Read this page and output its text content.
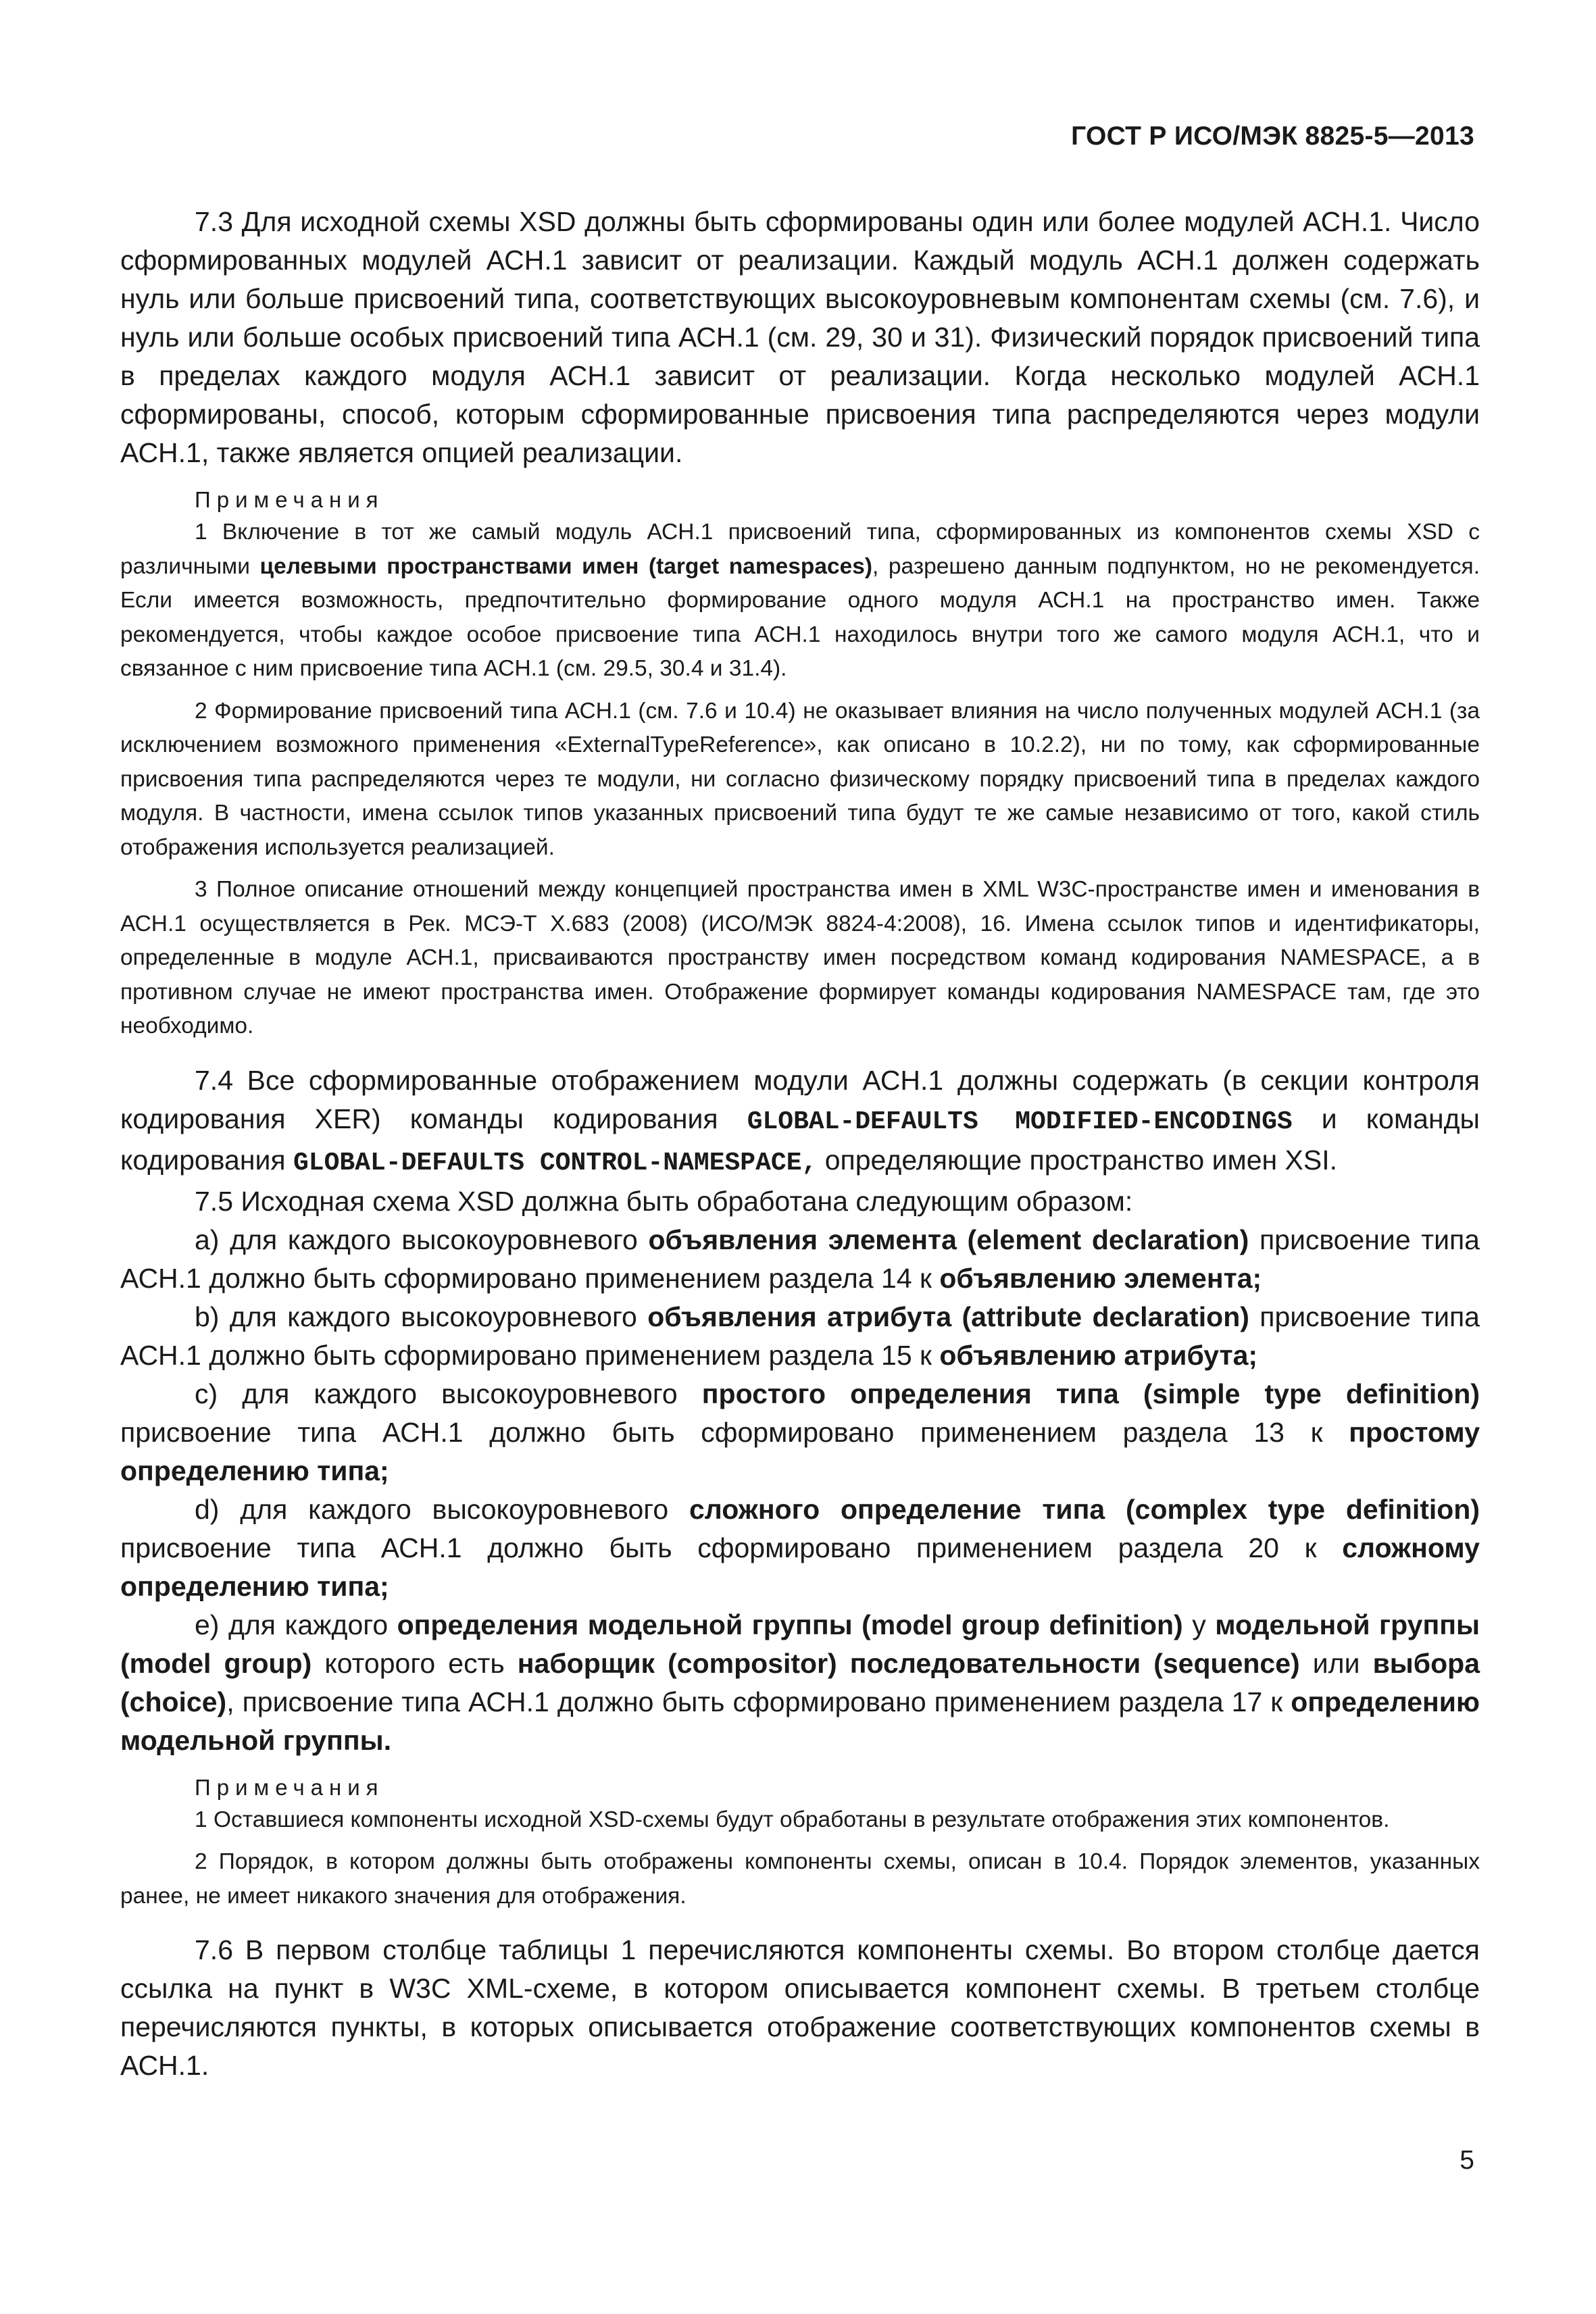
ГОСТ Р ИСО/МЭК 8825-5—2013

7.3 Для исходной схемы XSD должны быть сформированы один или более модулей АСН.1. Число сформированных модулей АСН.1 зависит от реализации. Каждый модуль АСН.1 должен содержать нуль или больше присвоений типа, соответствующих высокоуровневым компонентам схемы (см. 7.6), и нуль или больше особых присвоений типа АСН.1 (см. 29, 30 и 31). Физический порядок присвоений типа в пределах каждого модуля АСН.1 зависит от реализации. Когда несколько модулей АСН.1 сформированы, способ, которым сформированные присвоения типа распределяются через модули АСН.1, также является опцией реализации.

Примечания

1 Включение в тот же самый модуль АСН.1 присвоений типа, сформированных из компонентов схемы XSD с различными целевыми пространствами имен (target namespaces), разрешено данным подпунктом, но не рекомендуется. Если имеется возможность, предпочтительно формирование одного модуля АСН.1 на пространство имен. Также рекомендуется, чтобы каждое особое присвоение типа АСН.1 находилось внутри того же самого модуля АСН.1, что и связанное с ним присвоение типа АСН.1 (см. 29.5, 30.4 и 31.4).

2 Формирование присвоений типа АСН.1 (см. 7.6 и 10.4) не оказывает влияния на число полученных модулей АСН.1 (за исключением возможного применения «ExternalTypeReference», как описано в 10.2.2), ни по тому, как сформированные присвоения типа распределяются через те модули, ни согласно физическому порядку присвоений типа в пределах каждого модуля. В частности, имена ссылок типов указанных присвоений типа будут те же самые независимо от того, какой стиль отображения используется реализацией.

3 Полное описание отношений между концепцией пространства имен в XML W3C-пространстве имен и именования в АСН.1 осуществляется в Рек. МСЭ-Т Х.683 (2008) (ИСО/МЭК 8824-4:2008), 16. Имена ссылок типов и идентификаторы, определенные в модуле АСН.1, присваиваются пространству имен посредством команд кодирования NAMESPACE, а в противном случае не имеют пространства имен. Отображение формирует команды кодирования NAMESPACE там, где это необходимо.

7.4 Все сформированные отображением модули АСН.1 должны содержать (в секции контроля кодирования XER) команды кодирования GLOBAL-DEFAULTS MODIFIED-ENCODINGS и команды кодирования GLOBAL-DEFAULTS CONTROL-NAMESPACE, определяющие пространство имен XSI.

7.5 Исходная схема XSD должна быть обработана следующим образом:

а) для каждого высокоуровневого объявления элемента (element declaration) присвоение типа АСН.1 должно быть сформировано применением раздела 14 к объявлению элемента;

b) для каждого высокоуровневого объявления атрибута (attribute declaration) присвоение типа АСН.1 должно быть сформировано применением раздела 15 к объявлению атрибута;

с) для каждого высокоуровневого простого определения типа (simple type definition) присвоение типа АСН.1 должно быть сформировано применением раздела 13 к простому определению типа;

d) для каждого высокоуровневого сложного определение типа (complex type definition) присвоение типа АСН.1 должно быть сформировано применением раздела 20 к сложному определению типа;

е) для каждого определения модельной группы (model group definition) у модельной группы (model group) которого есть наборщик (compositor) последовательности (sequence) или выбора (choice), присвоение типа АСН.1 должно быть сформировано применением раздела 17 к определению модельной группы.

Примечания

1 Оставшиеся компоненты исходной XSD-схемы будут обработаны в результате отображения этих компонентов.

2 Порядок, в котором должны быть отображены компоненты схемы, описан в 10.4. Порядок элементов, указанных ранее, не имеет никакого значения для отображения.

7.6 В первом столбце таблицы 1 перечисляются компоненты схемы. Во втором столбце дается ссылка на пункт в W3C XML-схеме, в котором описывается компонент схемы. В третьем столбце перечисляются пункты, в которых описывается отображение соответствующих компонентов схемы в АСН.1.

5
